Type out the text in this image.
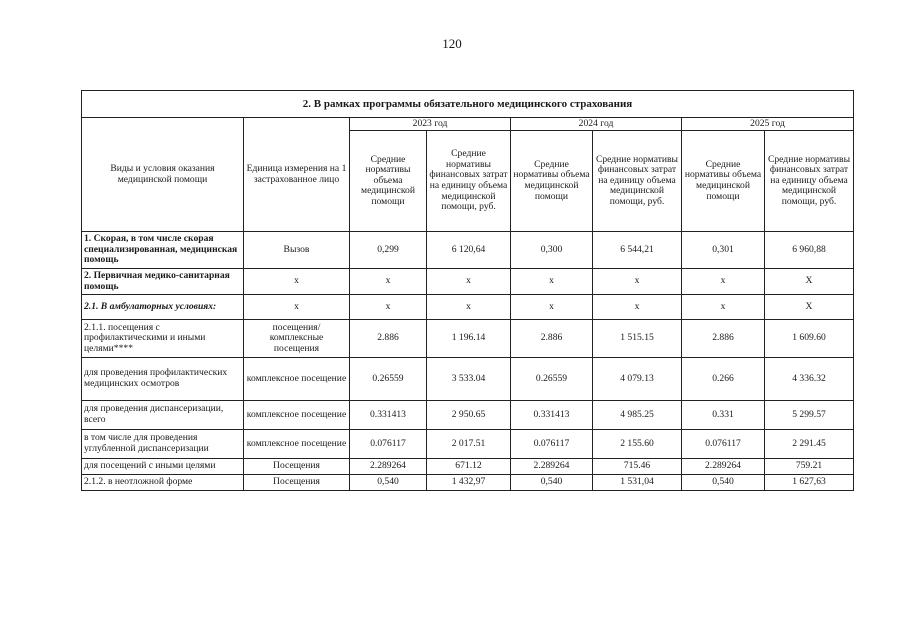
120
2. В рамках программы обязательного медицинского страхования							
Виды и условия оказания медицинской помощи	Единица измерения на 1 застрахованное лицо	2023 год		2024 год		2025 год	
		Средние нормативы объема медицинской помощи	Средние нормативы финансовых затрат на единицу объема медицинской помощи, руб.	Средние нормативы объема медицинской помощи	Средние нормативы финансовых затрат на единицу объема медицинской помощи, руб.	Средние нормативы объема медицинской помощи	Средние нормативы финансовых затрат на единицу объема медицинской помощи, руб.
1. Скорая, в том числе скорая специализированная, медицинская помощь	Вызов	0,299	6 120,64	0,300	6 544,21	0,301	6 960,88
2. Первичная медико-санитарная помощь	х	х	х	х	х	х	Х
2.1. В амбулаторных условиях:	х	х	х	х	х	х	Х
2.1.1. посещения с профилактическими и иными целями****	посещения/комплексные посещения	2.886	1 196.14	2.886	1 515.15	2.886	1 609.60
для проведения профилактических медицинских осмотров	комплексное посещение	0.26559	3 533.04	0.26559	4 079.13	0.266	4 336.32
для проведения диспансеризации, всего	комплексное посещение	0.331413	2 950.65	0.331413	4 985.25	0.331	5 299.57
в том числе для проведения углубленной диспансеризации	комплексное посещение	0.076117	2 017.51	0.076117	2 155.60	0.076117	2 291.45
для посещений с иными целями	Посещения	2.289264	671.12	2.289264	715.46	2.289264	759.21
2.1.2. в неотложной форме	Посещения	0,540	1 432,97	0,540	1 531,04	0,540	1 627,63
